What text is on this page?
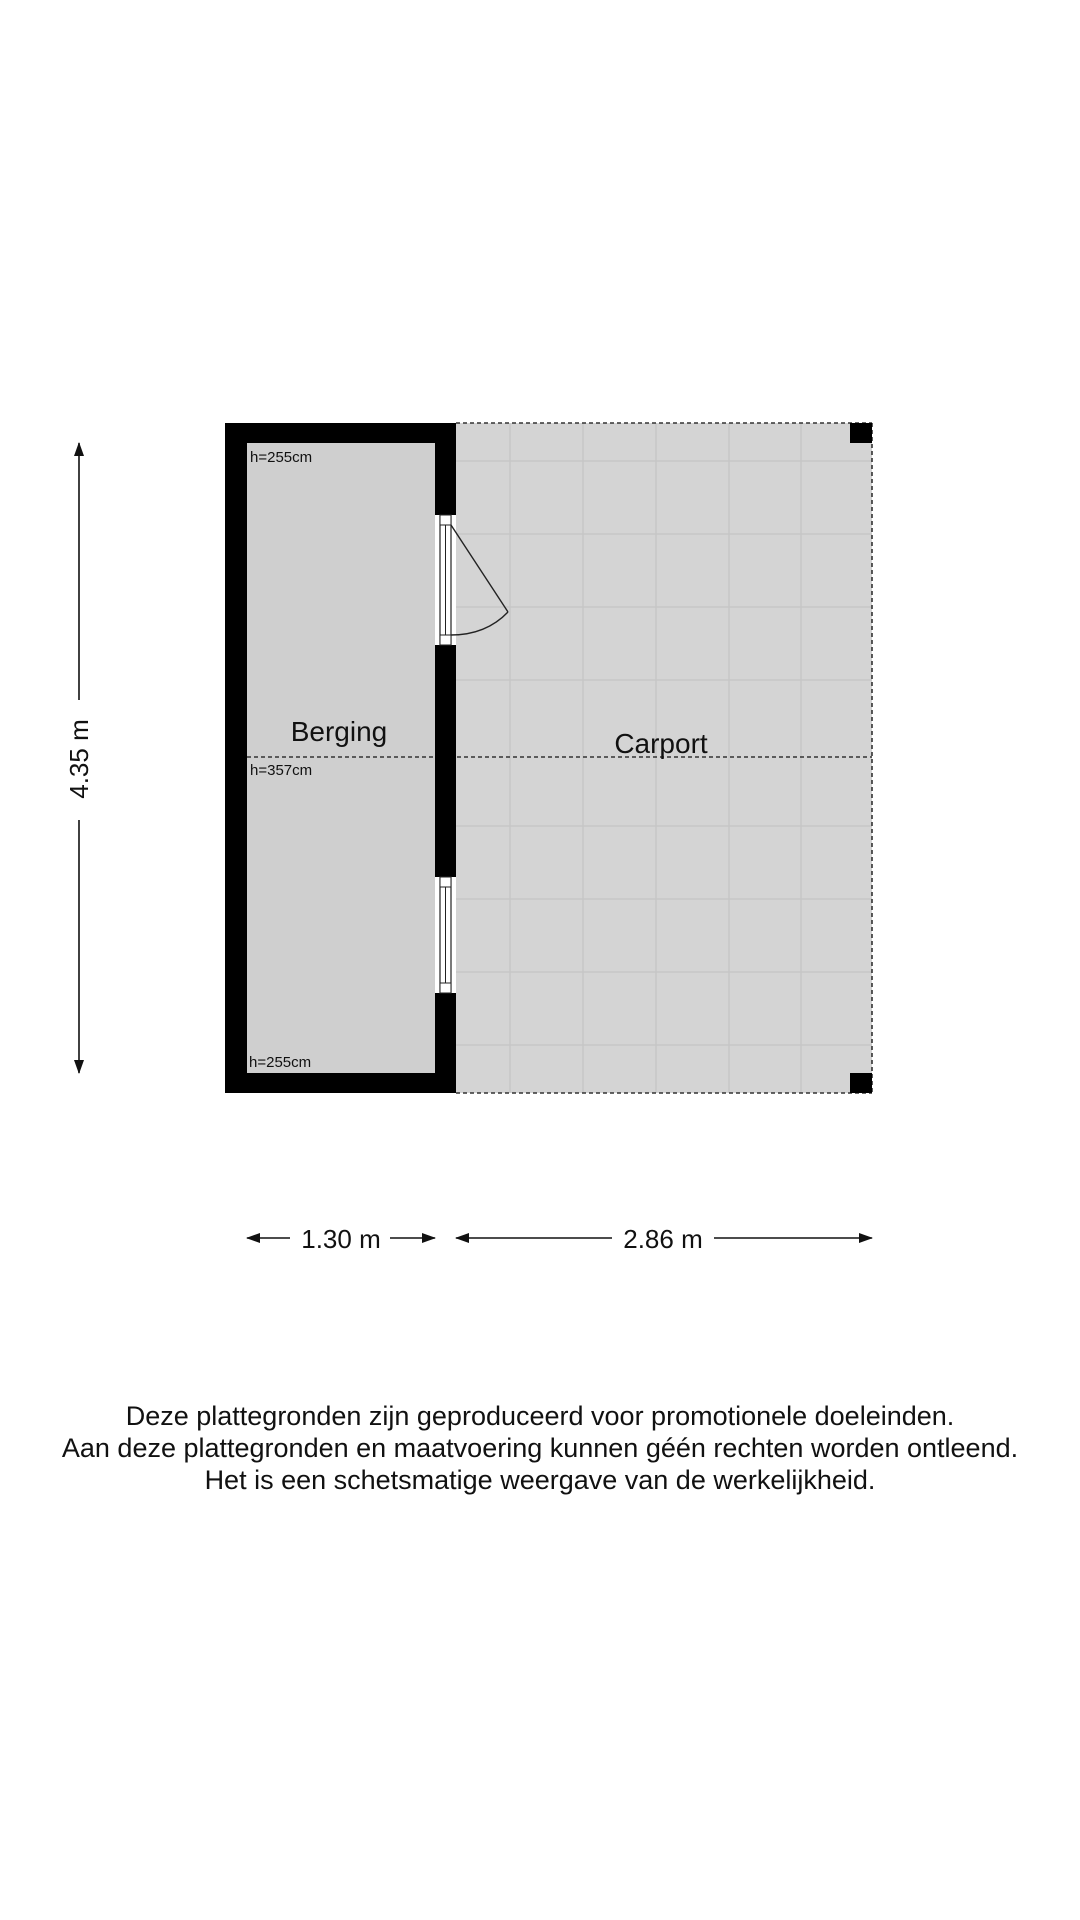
Berging	Carport
h=255cm
h=357cm
h=255cm
4.35 m
1.30 m	2.86 m
Deze plattegronden zijn geproduceerd voor promotionele doeleinden.
Aan deze plattegronden en maatvoering kunnen géén rechten worden ontleend.
Het is een schetsmatige weergave van de werkelijkheid.
